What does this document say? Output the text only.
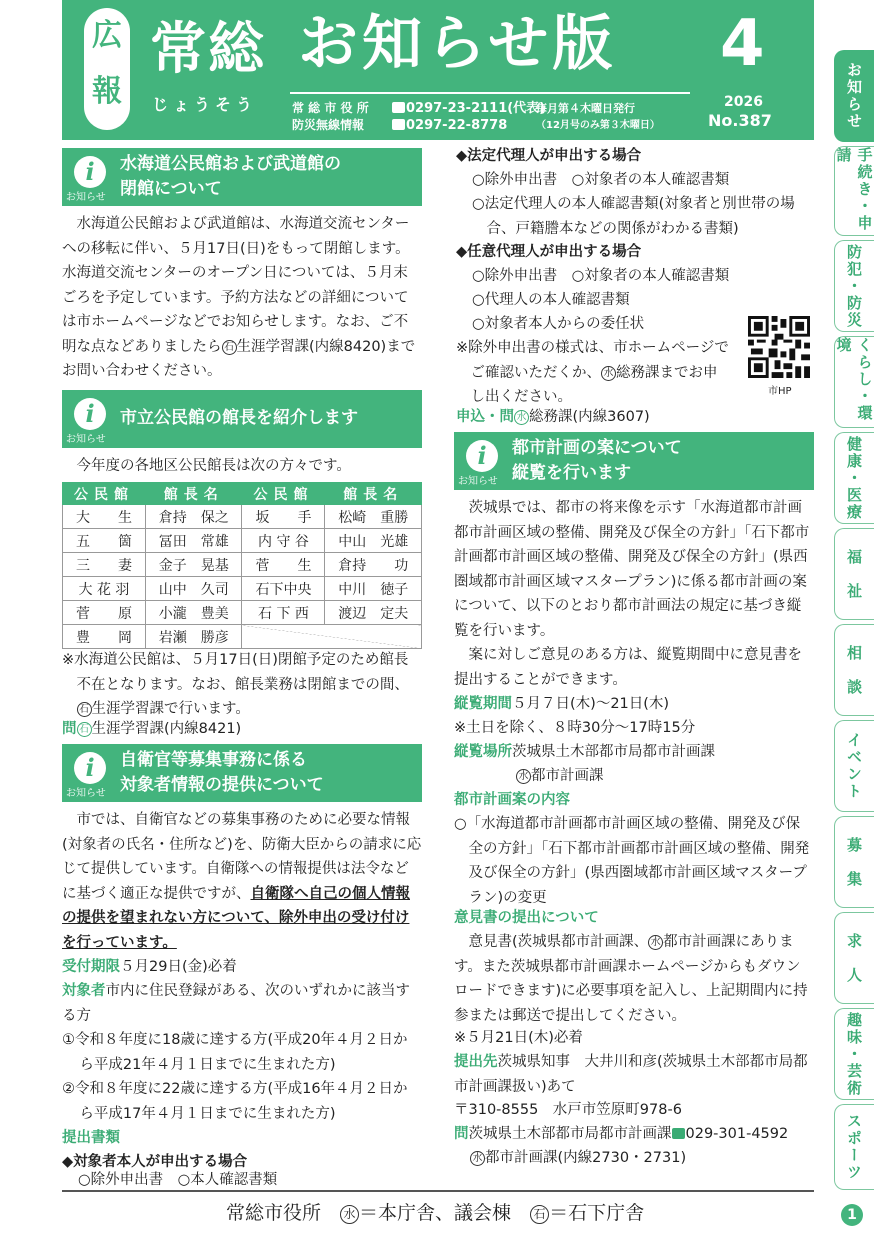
広
報
常総
じょうそう
お知らせ版 4
2026
No.387
常 総 市 役 所
防災無線情報
0297-23-2111(代表)
0297-22-8778
毎月第４木曜日発行
（12月号のみ第３木曜日）	お知らせ
手続き・申請
防犯・防災
くらし・環境
健康・医療
福　祉
相　談
イベント
募　集
求　人
趣味・芸術
スポーツ
i
お知らせ
水海道公民館および武道館の
閉館について
水海道公民館および武道館は、水海道交流センターへの移転に伴い、５月17日(日)をもって閉館します。水海道交流センターのオープン日については、５月末ごろを予定しています。予約方法などの詳細については市ホームページなどでお知らせします。なお、ご不明な点などありましたら 石 生涯学習課(内線8420)までお問い合わせください。
i
お知らせ
市立公民館の館長を紹介します
今年度の各地区公民館長は次の方々です。
公民館	館長名	公民館	館長名
大　　生	倉持　保之	坂　　手	松崎　重勝
五　　箇	冨田　常雄	内 守 谷	中山　光雄
三　　妻	金子　晃基	菅　　生	倉持　　功
大 花 羽	山中　久司	石下中央	中川　徳子
菅　　原	小瀧　豊美	石 下 西	渡辺　定夫
豊　　岡	岩瀬　勝彦		
※水海道公民館は、５月17日(日)閉館予定のため館長不在となります。なお、館長業務は閉館までの間、石 生涯学習課で行います。
問 石 生涯学習課(内線8421)
i
お知らせ
自衛官等募集事務に係る
対象者情報の提供について
市では、自衛官などの募集事務のために必要な情報(対象者の氏名・住所など)を、防衛大臣からの請求に応じて提供しています。自衛隊への情報提供は法令などに基づく適正な提供ですが、自衛隊へ自己の個人情報の提供を望まれない方について、除外申出の受け付けを行っています。
受付期限５月29日(金)必着
対象者市内に住民登録がある、次のいずれかに該当する方
①令和８年度に18歳に達する方(平成20年４月２日から平成21年４月１日までに生まれた方)
②令和８年度に22歳に達する方(平成16年４月２日から平成17年４月１日までに生まれた方)
提出書類
◆対象者本人が申出する場合
○除外申出書　○本人確認書類
◆法定代理人が申出する場合
○除外申出書　○対象者の本人確認書類
○法定代理人の本人確認書類(対象者と別世帯の場合、戸籍謄本などの関係がわかる書類)
◆任意代理人が申出する場合
○除外申出書　○対象者の本人確認書類
○代理人の本人確認書類
○対象者本人からの委任状
※除外申出書の様式は、市ホームページでご確認いただくか、 水 総務課までお申し出ください。	市HP
申込・問 水 総務課(内線3607)
i
お知らせ
都市計画の案について
縦覧を行います
茨城県では、都市の将来像を示す「水海道都市計画都市計画区域の整備、開発及び保全の方針」「石下都市計画都市計画区域の整備、開発及び保全の方針」(県西圏域都市計画区域マスタープラン)に係る都市計画の案について、以下のとおり都市計画法の規定に基づき縦覧を行います。
案に対しご意見のある方は、縦覧期間中に意見書を提出することができます。
縦覧期間５月７日(木)～21日(木)
※土日を除く、８時30分～17時15分
縦覧場所茨城県土木部都市局都市計画課
水 都市計画課
都市計画案の内容
○「水海道都市計画都市計画区域の整備、開発及び保全の方針」「石下都市計画都市計画区域の整備、開発及び保全の方針」(県西圏域都市計画区域マスタープラン)の変更
意見書の提出について
意見書(茨城県都市計画課、 水 都市計画課にあります。また茨城県都市計画課ホームページからもダウンロードできます)に必要事項を記入し、上記期間内に持参または郵送で提出してください。
※５月21日(木)必着
提出先茨城県知事　大井川和彦(茨城県土木部都市局都市計画課扱い)あて
〒310-8555　水戸市笠原町978-6
問茨城県土木部都市局都市計画課 029-301-4592
水 都市計画課(内線2730・2731)
常総市役所　 水 ＝本庁舎、議会棟　 石 ＝石下庁舎	1
